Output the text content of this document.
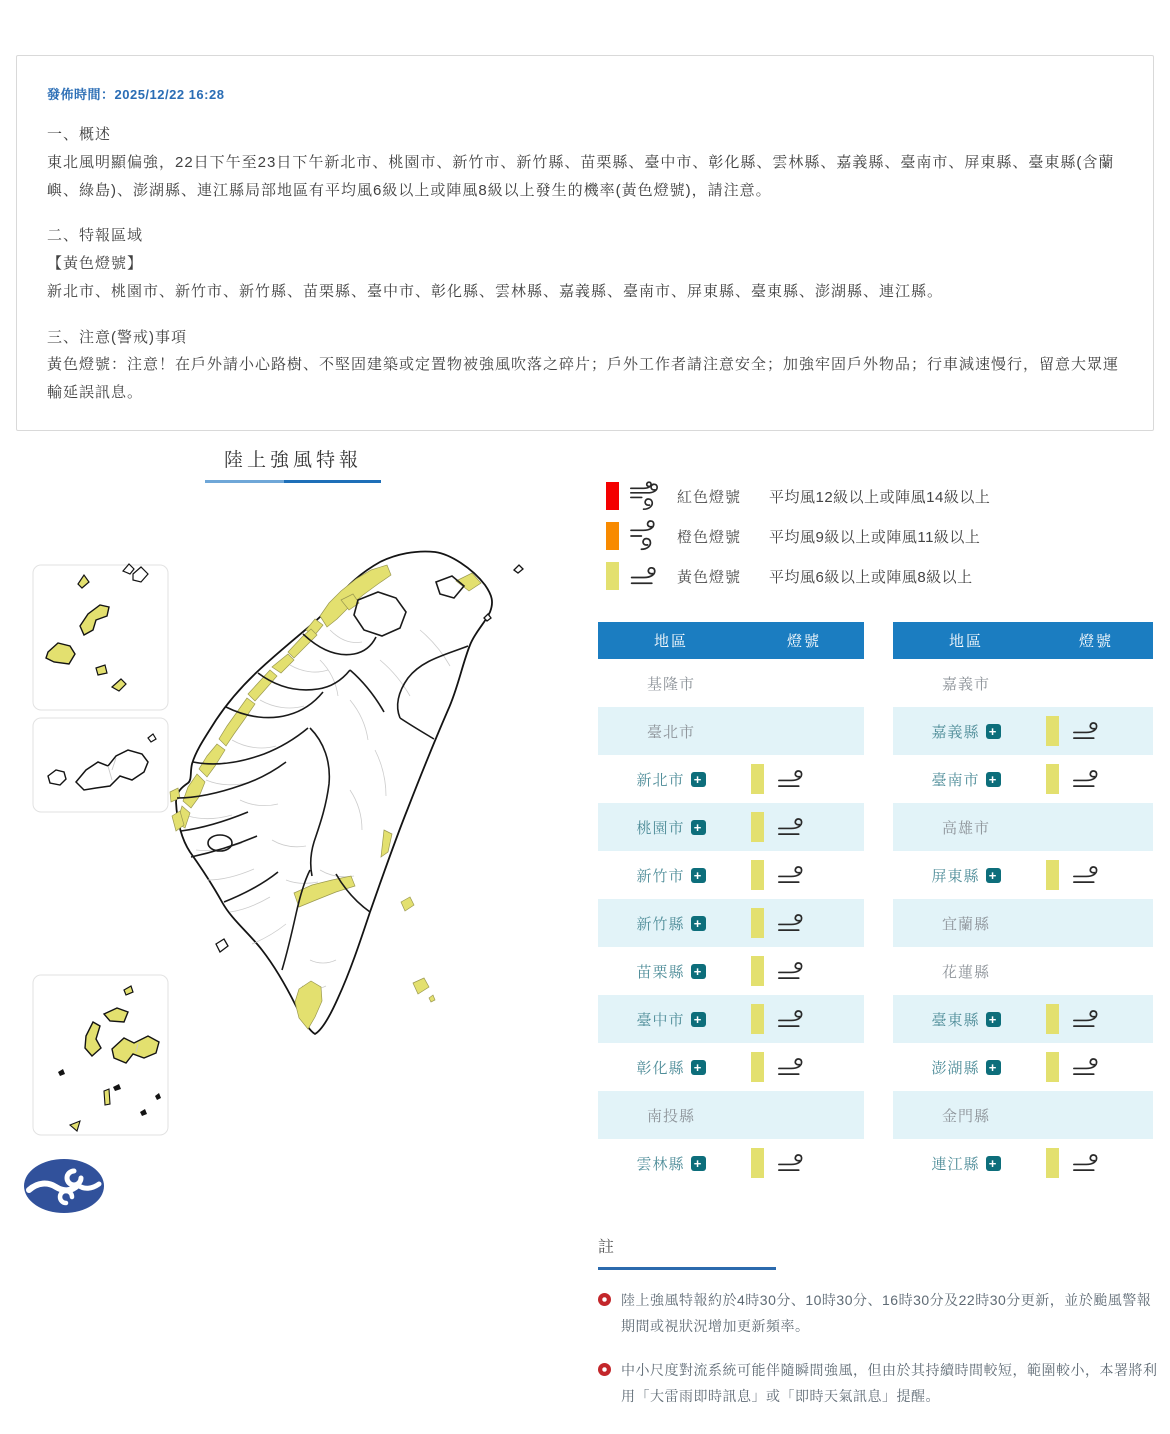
發佈時間：2025/12/22 16:28
一、概述
東北風明顯偏強，22日下午至23日下午新北市、桃園市、新竹市、新竹縣、苗栗縣、臺中市、彰化縣、雲林縣、嘉義縣、臺南市、屏東縣、臺東縣(含蘭嶼、綠島)、澎湖縣、連江縣局部地區有平均風6級以上或陣風8級以上發生的機率(黃色燈號)，請注意。
二、特報區域
【黃色燈號】
新北市、桃園市、新竹市、新竹縣、苗栗縣、臺中市、彰化縣、雲林縣、嘉義縣、臺南市、屏東縣、臺東縣、澎湖縣、連江縣。
三、注意(警戒)事項
黃色燈號：注意！在戶外請小心路樹、不堅固建築或定置物被強風吹落之碎片；戶外工作者請注意安全；加強牢固戶外物品；行車減速慢行，留意大眾運輸延誤訊息。
陸上強風特報
紅色燈號	平均風12級以上或陣風14級以上
橙色燈號	平均風9級以上或陣風11級以上
黃色燈號	平均風6級以上或陣風8級以上
地區	燈號
基隆市
臺北市
新北市 +
桃園市 +
新竹市 +
新竹縣 +
苗栗縣 +
臺中市 +
彰化縣 +
南投縣
雲林縣 +
地區	燈號
嘉義市
嘉義縣 +
臺南市 +
高雄市
屏東縣 +
宜蘭縣
花蓮縣
臺東縣 +
澎湖縣 +
金門縣
連江縣 +
註
陸上強風特報約於4時30分、10時30分、16時30分及22時30分更新，並於颱風警報期間或視狀況增加更新頻率。
中小尺度對流系統可能伴隨瞬間強風，但由於其持續時間較短，範圍較小，本署將利用「大雷雨即時訊息」或「即時天氣訊息」提醒。
